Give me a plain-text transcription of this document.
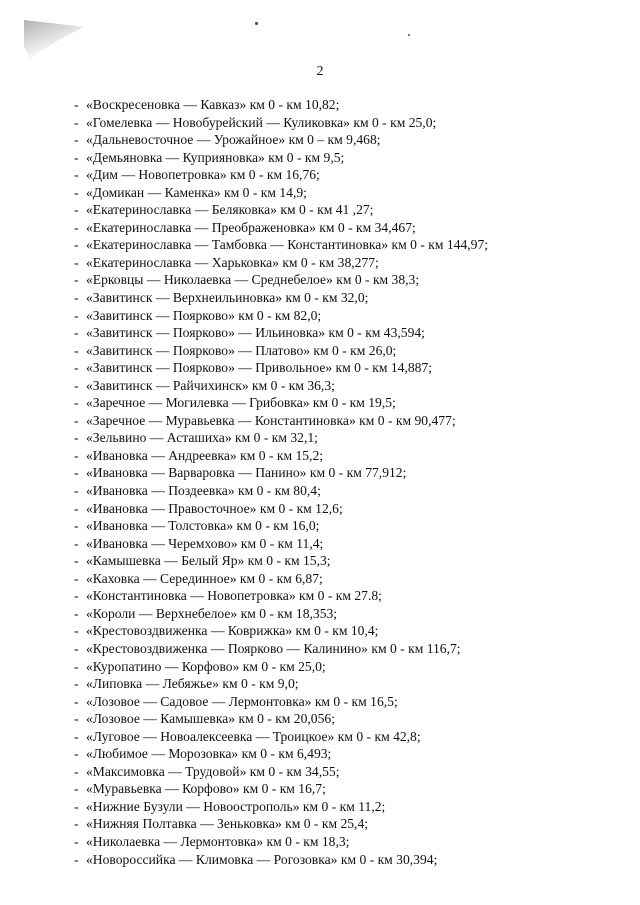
2
- «Воскресеновка — Кавказ» км 0 - км 10,82;
- «Гомелевка — Новобурейский — Куликовка» км 0 - км 25,0;
- «Дальневосточное — Урожайное» км 0 – км 9,468;
- «Демьяновка — Куприяновка» км 0 - км 9,5;
- «Дим — Новопетровка» км 0 - км 16,76;
- «Домикан — Каменка» км 0 - км 14,9;
- «Екатеринославка — Беляковка» км 0 - км 41 ,27;
- «Екатеринославка — Преображеновка» км 0 - км 34,467;
- «Екатеринославка — Тамбовка — Константиновка» км 0 - км 144,97;
- «Екатеринославка — Харьковка» км 0 - км 38,277;
- «Ерковцы — Николаевка — Среднебелое» км 0 - км 38,3;
- «Завитинск — Верхнеильиновка» км 0 - км 32,0;
- «Завитинск — Поярково» км 0 - км 82,0;
- «Завитинск — Поярково» — Ильиновка» км 0 - км 43,594;
- «Завитинск — Поярково» — Платово» км 0 - км 26,0;
- «Завитинск — Поярково» — Привольное» км 0 - км 14,887;
- «Завитинск — Райчихинск» км 0 - км 36,3;
- «Заречное — Могилевка — Грибовка» км 0 - км 19,5;
- «Заречное — Муравьевка — Константиновка» км 0 - км 90,477;
- «Зельвино — Асташиха» км 0 - км 32,1;
- «Ивановка — Андреевка» км 0 - км 15,2;
- «Ивановка — Варваровка — Панино» км 0 - км 77,912;
- «Ивановка — Поздеевка» км 0 - км 80,4;
- «Ивановка — Правосточное» км 0 - км 12,6;
- «Ивановка — Толстовка» км 0 - км 16,0;
- «Ивановка — Черемхово» км 0 - км 11,4;
- «Камышевка — Белый Яр» км 0 - км 15,3;
- «Каховка — Серединное» км 0 - км 6,87;
- «Константиновка — Новопетровка» км 0 - км 27.8;
- «Короли — Верхнебелое» км 0 - км 18,353;
- «Крестовоздвиженка — Коврижка» км 0 - км 10,4;
- «Крестовоздвиженка — Поярково — Калинино» км 0 - км 116,7;
- «Куропатино — Корфово» км 0 - км 25,0;
- «Липовка — Лебяжье» км 0 - км 9,0;
- «Лозовое — Садовое — Лермонтовка» км 0 - км 16,5;
- «Лозовое — Камышевка» км 0 - км 20,056;
- «Луговое — Новоалексеевка — Троицкое» км 0 - км 42,8;
- «Любимое — Морозовка» км 0 - км 6,493;
- «Максимовка — Трудовой» км 0 - км 34,55;
- «Муравьевка — Корфово» км 0 - км 16,7;
- «Нижние Бузули — Новоострополь» км 0 - км 11,2;
- «Нижняя Полтавка — Зеньковка» км 0 - км 25,4;
- «Николаевка — Лермонтовка» км 0 - км 18,3;
- «Новороссийка — Климовка — Рогозовка» км 0 - км 30,394;
